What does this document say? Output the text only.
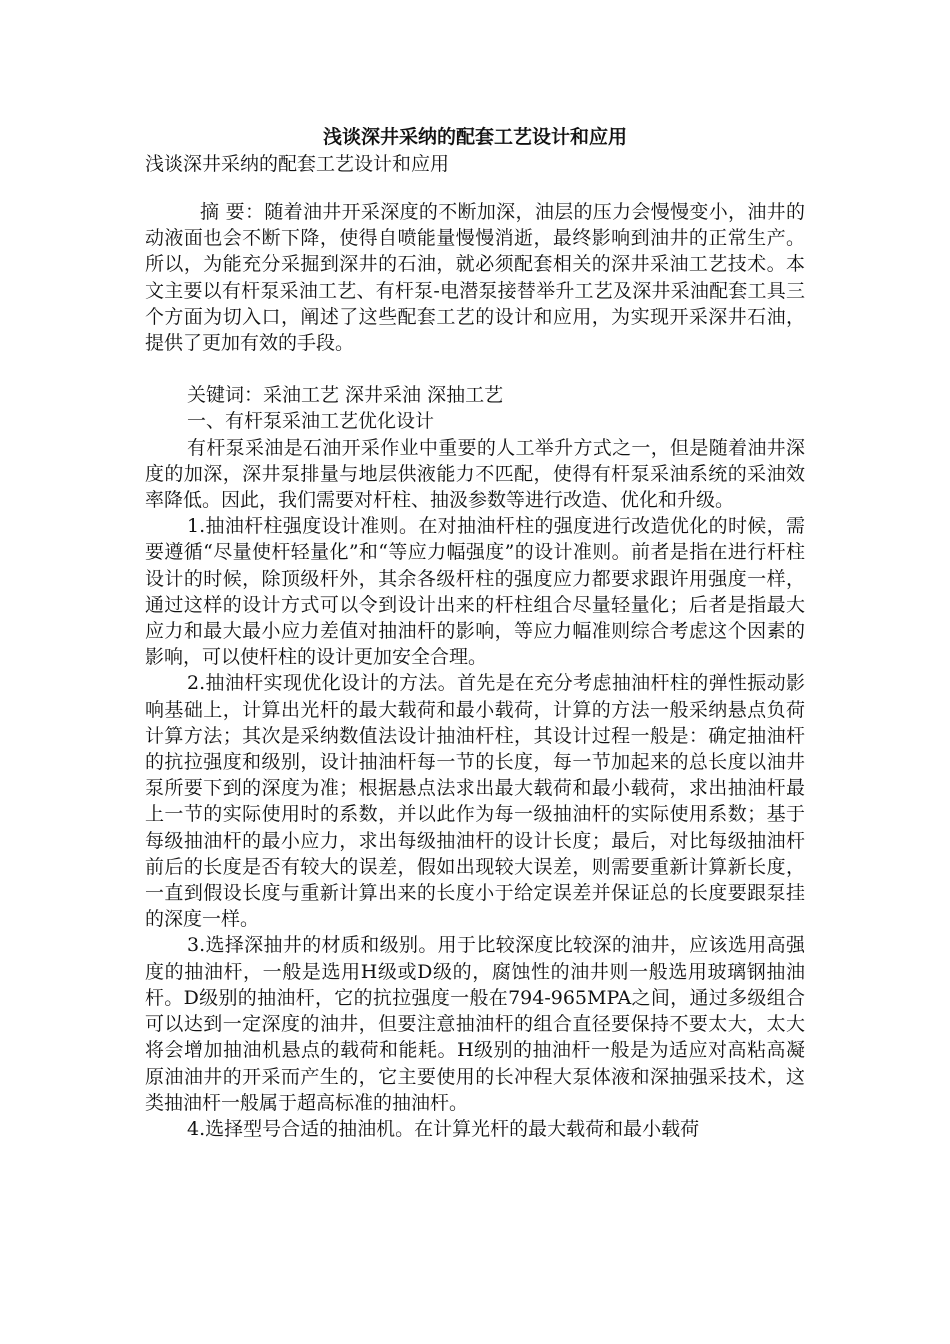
浅谈深井采纳的配套工艺设计和应用
浅谈深井采纳的配套工艺设计和应用

摘 要：随着油井开采深度的不断加深，油层的压力会慢慢变小，油井的动液面也会不断下降，使得自喷能量慢慢消逝，最终影响到油井的正常生产。所以，为能充分采掘到深井的石油，就必须配套相关的深井采油工艺技术。本文主要以有杆泵采油工艺、有杆泵-电潜泵接替举升工艺及深井采油配套工具三个方面为切入口，阐述了这些配套工艺的设计和应用，为实现开采深井石油，提供了更加有效的手段。

关键词：采油工艺 深井采油 深抽工艺

一、有杆泵采油工艺优化设计

有杆泵采油是石油开采作业中重要的人工举升方式之一，但是随着油井深度的加深，深井泵排量与地层供液能力不匹配，使得有杆泵采油系统的采油效率降低。因此，我们需要对杆柱、抽汲参数等进行改造、优化和升级。

1.抽油杆柱强度设计准则。在对抽油杆柱的强度进行改造优化的时候，需要遵循“尽量使杆轻量化”和“等应力幅强度”的设计准则。前者是指在进行杆柱设计的时候，除顶级杆外，其余各级杆柱的强度应力都要求跟许用强度一样，通过这样的设计方式可以令到设计出来的杆柱组合尽量轻量化；后者是指最大应力和最大最小应力差值对抽油杆的影响，等应力幅准则综合考虑这个因素的影响，可以使杆柱的设计更加安全合理。

2.抽油杆实现优化设计的方法。首先是在充分考虑抽油杆柱的弹性振动影响基础上，计算出光杆的最大载荷和最小载荷，计算的方法一般采纳悬点负荷计算方法；其次是采纳数值法设计抽油杆柱，其设计过程一般是：确定抽油杆的抗拉强度和级别，设计抽油杆每一节的长度，每一节加起来的总长度以油井泵所要下到的深度为准；根据悬点法求出最大载荷和最小载荷，求出抽油杆最上一节的实际使用时的系数，并以此作为每一级抽油杆的实际使用系数；基于每级抽油杆的最小应力，求出每级抽油杆的设计长度；最后，对比每级抽油杆前后的长度是否有较大的误差，假如出现较大误差，则需要重新计算新长度，一直到假设长度与重新计算出来的长度小于给定误差并保证总的长度要跟泵挂的深度一样。

3.选择深抽井的材质和级别。用于比较深度比较深的油井，应该选用高强度的抽油杆，一般是选用H级或D级的，腐蚀性的油井则一般选用玻璃钢抽油杆。D级别的抽油杆，它的抗拉强度一般在794-965MPA之间，通过多级组合可以达到一定深度的油井，但要注意抽油杆的组合直径要保持不要太大，太大将会增加抽油机悬点的载荷和能耗。H级别的抽油杆一般是为适应对高粘高凝原油油井的开采而产生的，它主要使用的长冲程大泵体液和深抽强采技术，这类抽油杆一般属于超高标准的抽油杆。

4.选择型号合适的抽油机。在计算光杆的最大载荷和最小载荷
